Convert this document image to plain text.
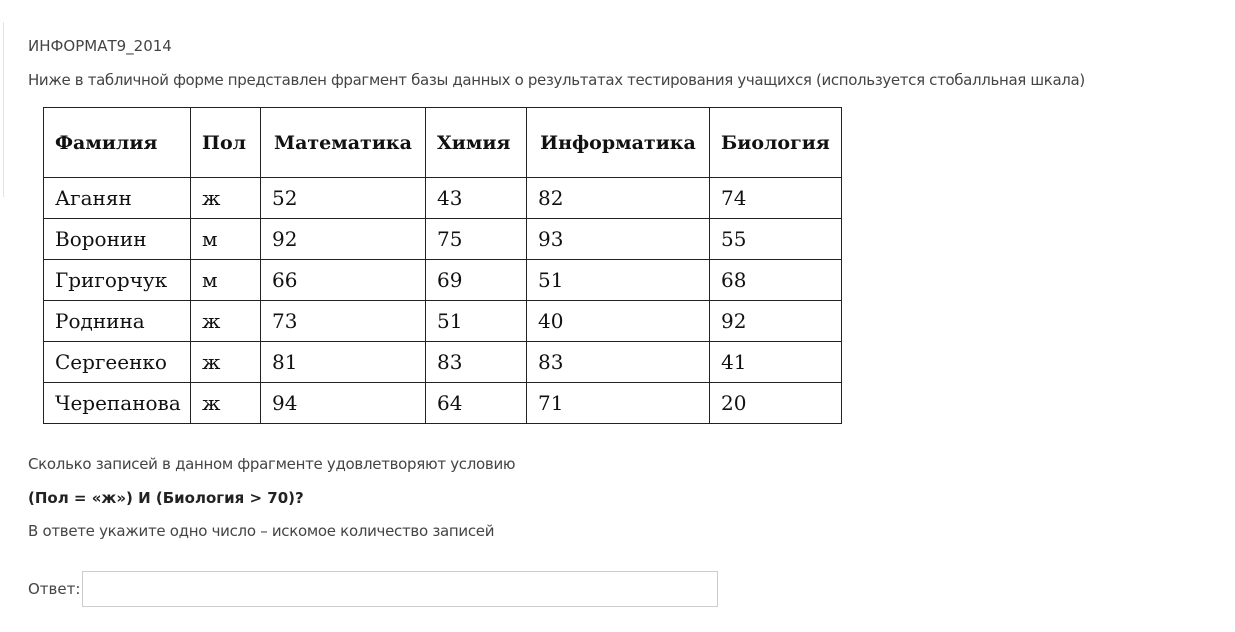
ИНФОРМАТ9_2014
Ниже в табличной форме представлен фрагмент базы данных о результатах тестирования учащихся (используется стобалльная шкала)
Фамилия	Пол	Математика	Химия	Информатика	Биология
Аганян	ж	52	43	82	74
Воронин	м	92	75	93	55
Григорчук	м	66	69	51	68
Роднина	ж	73	51	40	92
Сергеенко	ж	81	83	83	41
Черепанова	ж	94	64	71	20
Сколько записей в данном фрагменте удовлетворяют условию
(Пол = «ж») И (Биология > 70)?
В ответе укажите одно число – искомое количество записей
Ответ:
